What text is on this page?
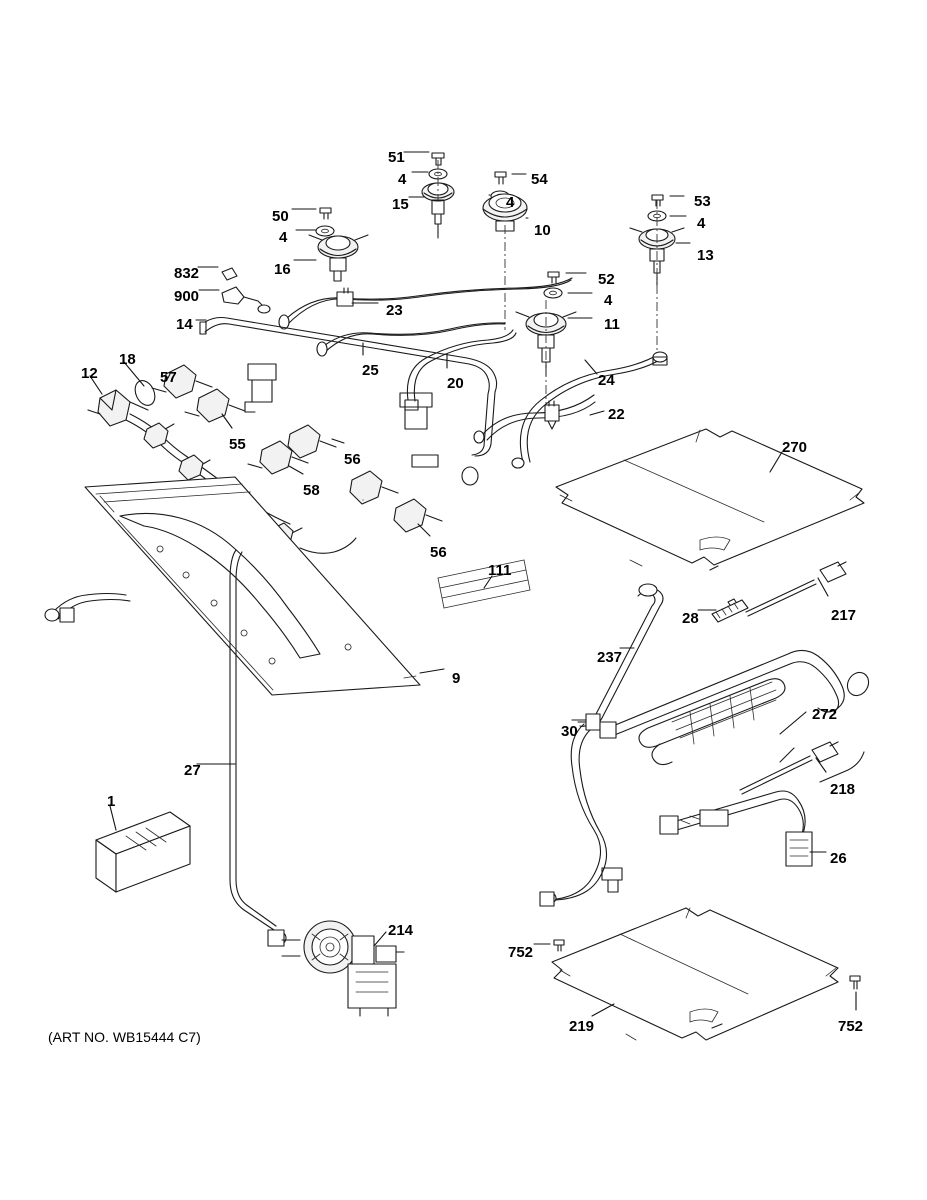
51
4	54
15	4	53
50
10	4
4
13
16
832	52
900	4
23
14	11
25
20	24
57
18
12
22
55	270
56
58
56
111
28	217
237
9
272
30
218
27
26
1
214
752
219	752
(ART NO. WB15444 C7)
